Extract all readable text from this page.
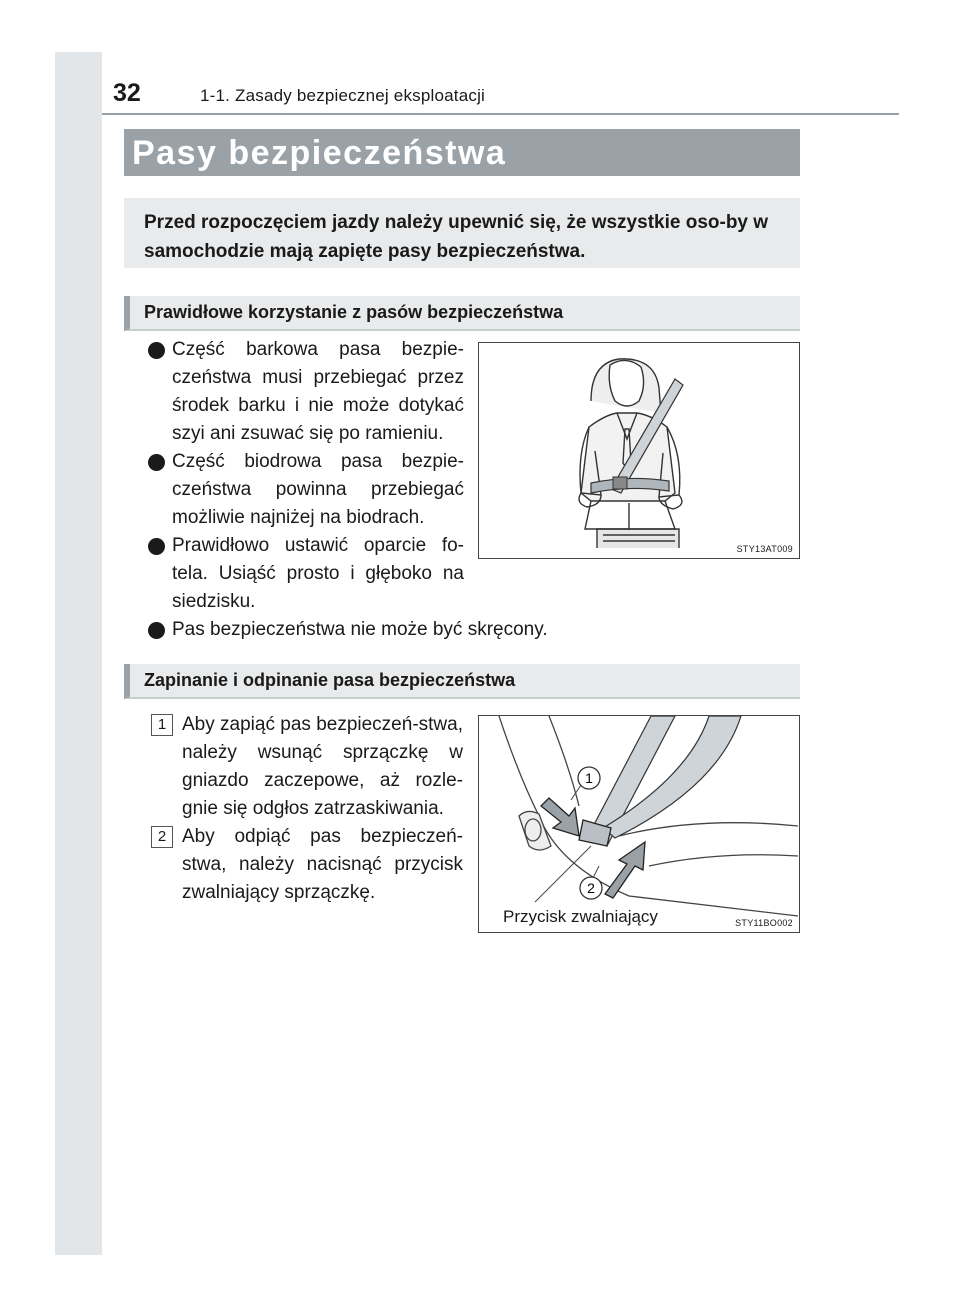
32	1-1. Zasady bezpiecznej eksploatacji
Pasy bezpieczeństwa
Przed rozpoczęciem jazdy należy upewnić się, że wszystkie oso-by w samochodzie mają zapięte pasy bezpieczeństwa.
Prawidłowe korzystanie z pasów bezpieczeństwa
Część barkowa pasa bezpie-czeństwa musi przebiegać przez środek barku i nie może dotykać szyi ani zsuwać się po ramieniu.
Część biodrowa pasa bezpie-czeństwa powinna przebiegać możliwie najniżej na biodrach.
Prawidłowo ustawić oparcie fo-tela. Usiąść prosto i głęboko na siedzisku.
Pas bezpieczeństwa nie może być skręcony.
STY13AT009
Zapinanie i odpinanie pasa bezpieczeństwa
1 Aby zapiąć pas bezpieczeń-stwa, należy wsunąć sprzączkę w gniazdo zaczepowe, aż rozle-gnie się odgłos zatrzaskiwania.
2 Aby odpiąć pas bezpieczeń-stwa, należy nacisnąć przycisk zwalniający sprzączkę.
1
2
Przycisk zwalniający	STY11BO002
